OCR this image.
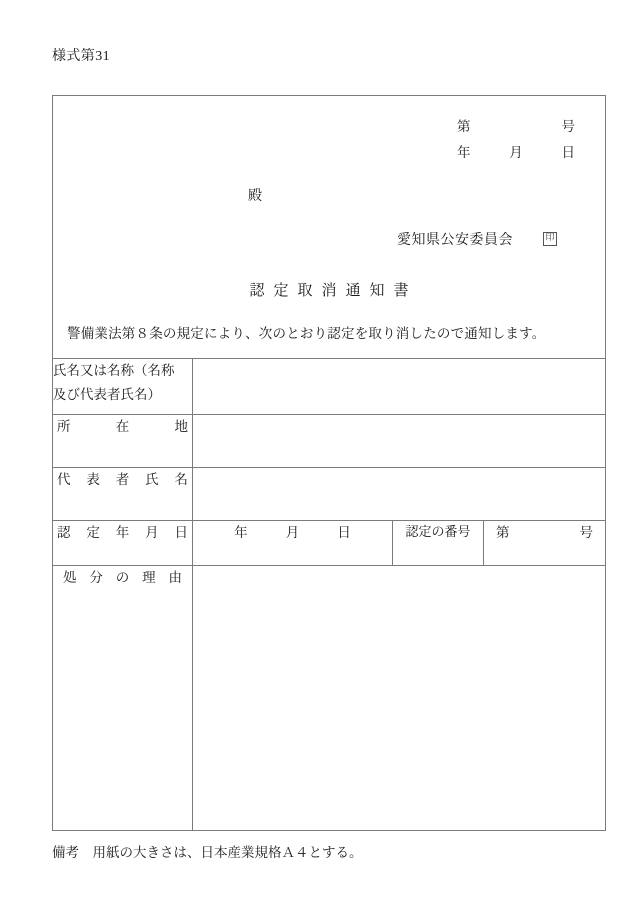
様式第31
第	号
年	月	日
殿
愛知県公安委員会	印
認定取消通知書
警備業法第８条の規定により、次のとおり認定を取り消したので通知します。

氏名又は名称（名称
及び代表者氏名）			

所在地			

代表者氏名			

認定年月日	年 月 日	認定の番号	第 号

処分の理由			

備考　用紙の大きさは、日本産業規格Ａ４とする。
